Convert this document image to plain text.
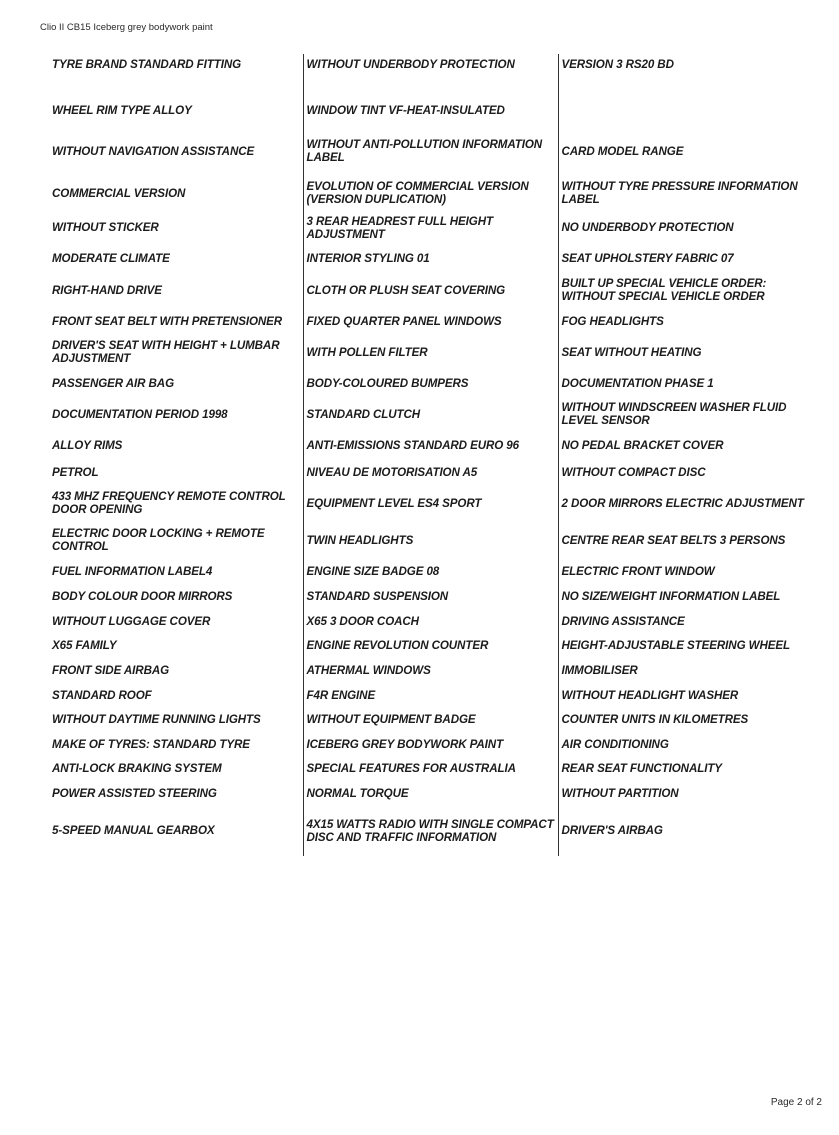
Clio II CB15 Iceberg grey bodywork paint
TYRE BRAND STANDARD FITTING	WITHOUT UNDERBODY PROTECTION	VERSION 3 RS20 BD
WHEEL RIM TYPE ALLOY	WINDOW TINT VF-HEAT-INSULATED	
WITHOUT NAVIGATION ASSISTANCE	WITHOUT ANTI-POLLUTION INFORMATION LABEL	CARD MODEL RANGE
COMMERCIAL VERSION	EVOLUTION OF COMMERCIAL VERSION (VERSION DUPLICATION)	WITHOUT TYRE PRESSURE INFORMATION LABEL
WITHOUT STICKER	3 REAR HEADREST FULL HEIGHT ADJUSTMENT	NO UNDERBODY PROTECTION
MODERATE CLIMATE	INTERIOR STYLING 01	SEAT UPHOLSTERY FABRIC 07
RIGHT-HAND DRIVE	CLOTH OR PLUSH SEAT COVERING	BUILT UP SPECIAL VEHICLE ORDER: WITHOUT SPECIAL VEHICLE ORDER
FRONT SEAT BELT WITH PRETENSIONER	FIXED QUARTER PANEL WINDOWS	FOG HEADLIGHTS
DRIVER'S SEAT WITH HEIGHT + LUMBAR ADJUSTMENT	WITH POLLEN FILTER	SEAT WITHOUT HEATING
PASSENGER AIR BAG	BODY-COLOURED BUMPERS	DOCUMENTATION PHASE 1
DOCUMENTATION PERIOD 1998	STANDARD CLUTCH	WITHOUT WINDSCREEN WASHER FLUID LEVEL SENSOR
ALLOY RIMS	ANTI-EMISSIONS STANDARD EURO 96	NO PEDAL BRACKET COVER
PETROL	NIVEAU DE MOTORISATION A5	WITHOUT COMPACT DISC
433 MHZ FREQUENCY REMOTE CONTROL DOOR OPENING	EQUIPMENT LEVEL ES4 SPORT	2 DOOR MIRRORS ELECTRIC ADJUSTMENT
ELECTRIC DOOR LOCKING + REMOTE CONTROL	TWIN HEADLIGHTS	CENTRE REAR SEAT BELTS 3 PERSONS
FUEL INFORMATION LABEL4	ENGINE SIZE BADGE 08	ELECTRIC FRONT WINDOW
BODY COLOUR DOOR MIRRORS	STANDARD SUSPENSION	NO SIZE/WEIGHT INFORMATION LABEL
WITHOUT LUGGAGE COVER	X65 3 DOOR COACH	DRIVING ASSISTANCE
X65 FAMILY	ENGINE REVOLUTION COUNTER	HEIGHT-ADJUSTABLE STEERING WHEEL
FRONT SIDE AIRBAG	ATHERMAL WINDOWS	IMMOBILISER
STANDARD ROOF	F4R ENGINE	WITHOUT HEADLIGHT WASHER
WITHOUT DAYTIME RUNNING LIGHTS	WITHOUT EQUIPMENT BADGE	COUNTER UNITS IN KILOMETRES
MAKE OF TYRES: STANDARD TYRE	ICEBERG GREY BODYWORK PAINT	AIR CONDITIONING
ANTI-LOCK BRAKING SYSTEM	SPECIAL FEATURES FOR AUSTRALIA	REAR SEAT FUNCTIONALITY
POWER ASSISTED STEERING	NORMAL TORQUE	WITHOUT PARTITION
5-SPEED MANUAL GEARBOX	4X15 WATTS RADIO WITH SINGLE COMPACT DISC AND TRAFFIC INFORMATION	DRIVER'S AIRBAG
Page 2 of 2
